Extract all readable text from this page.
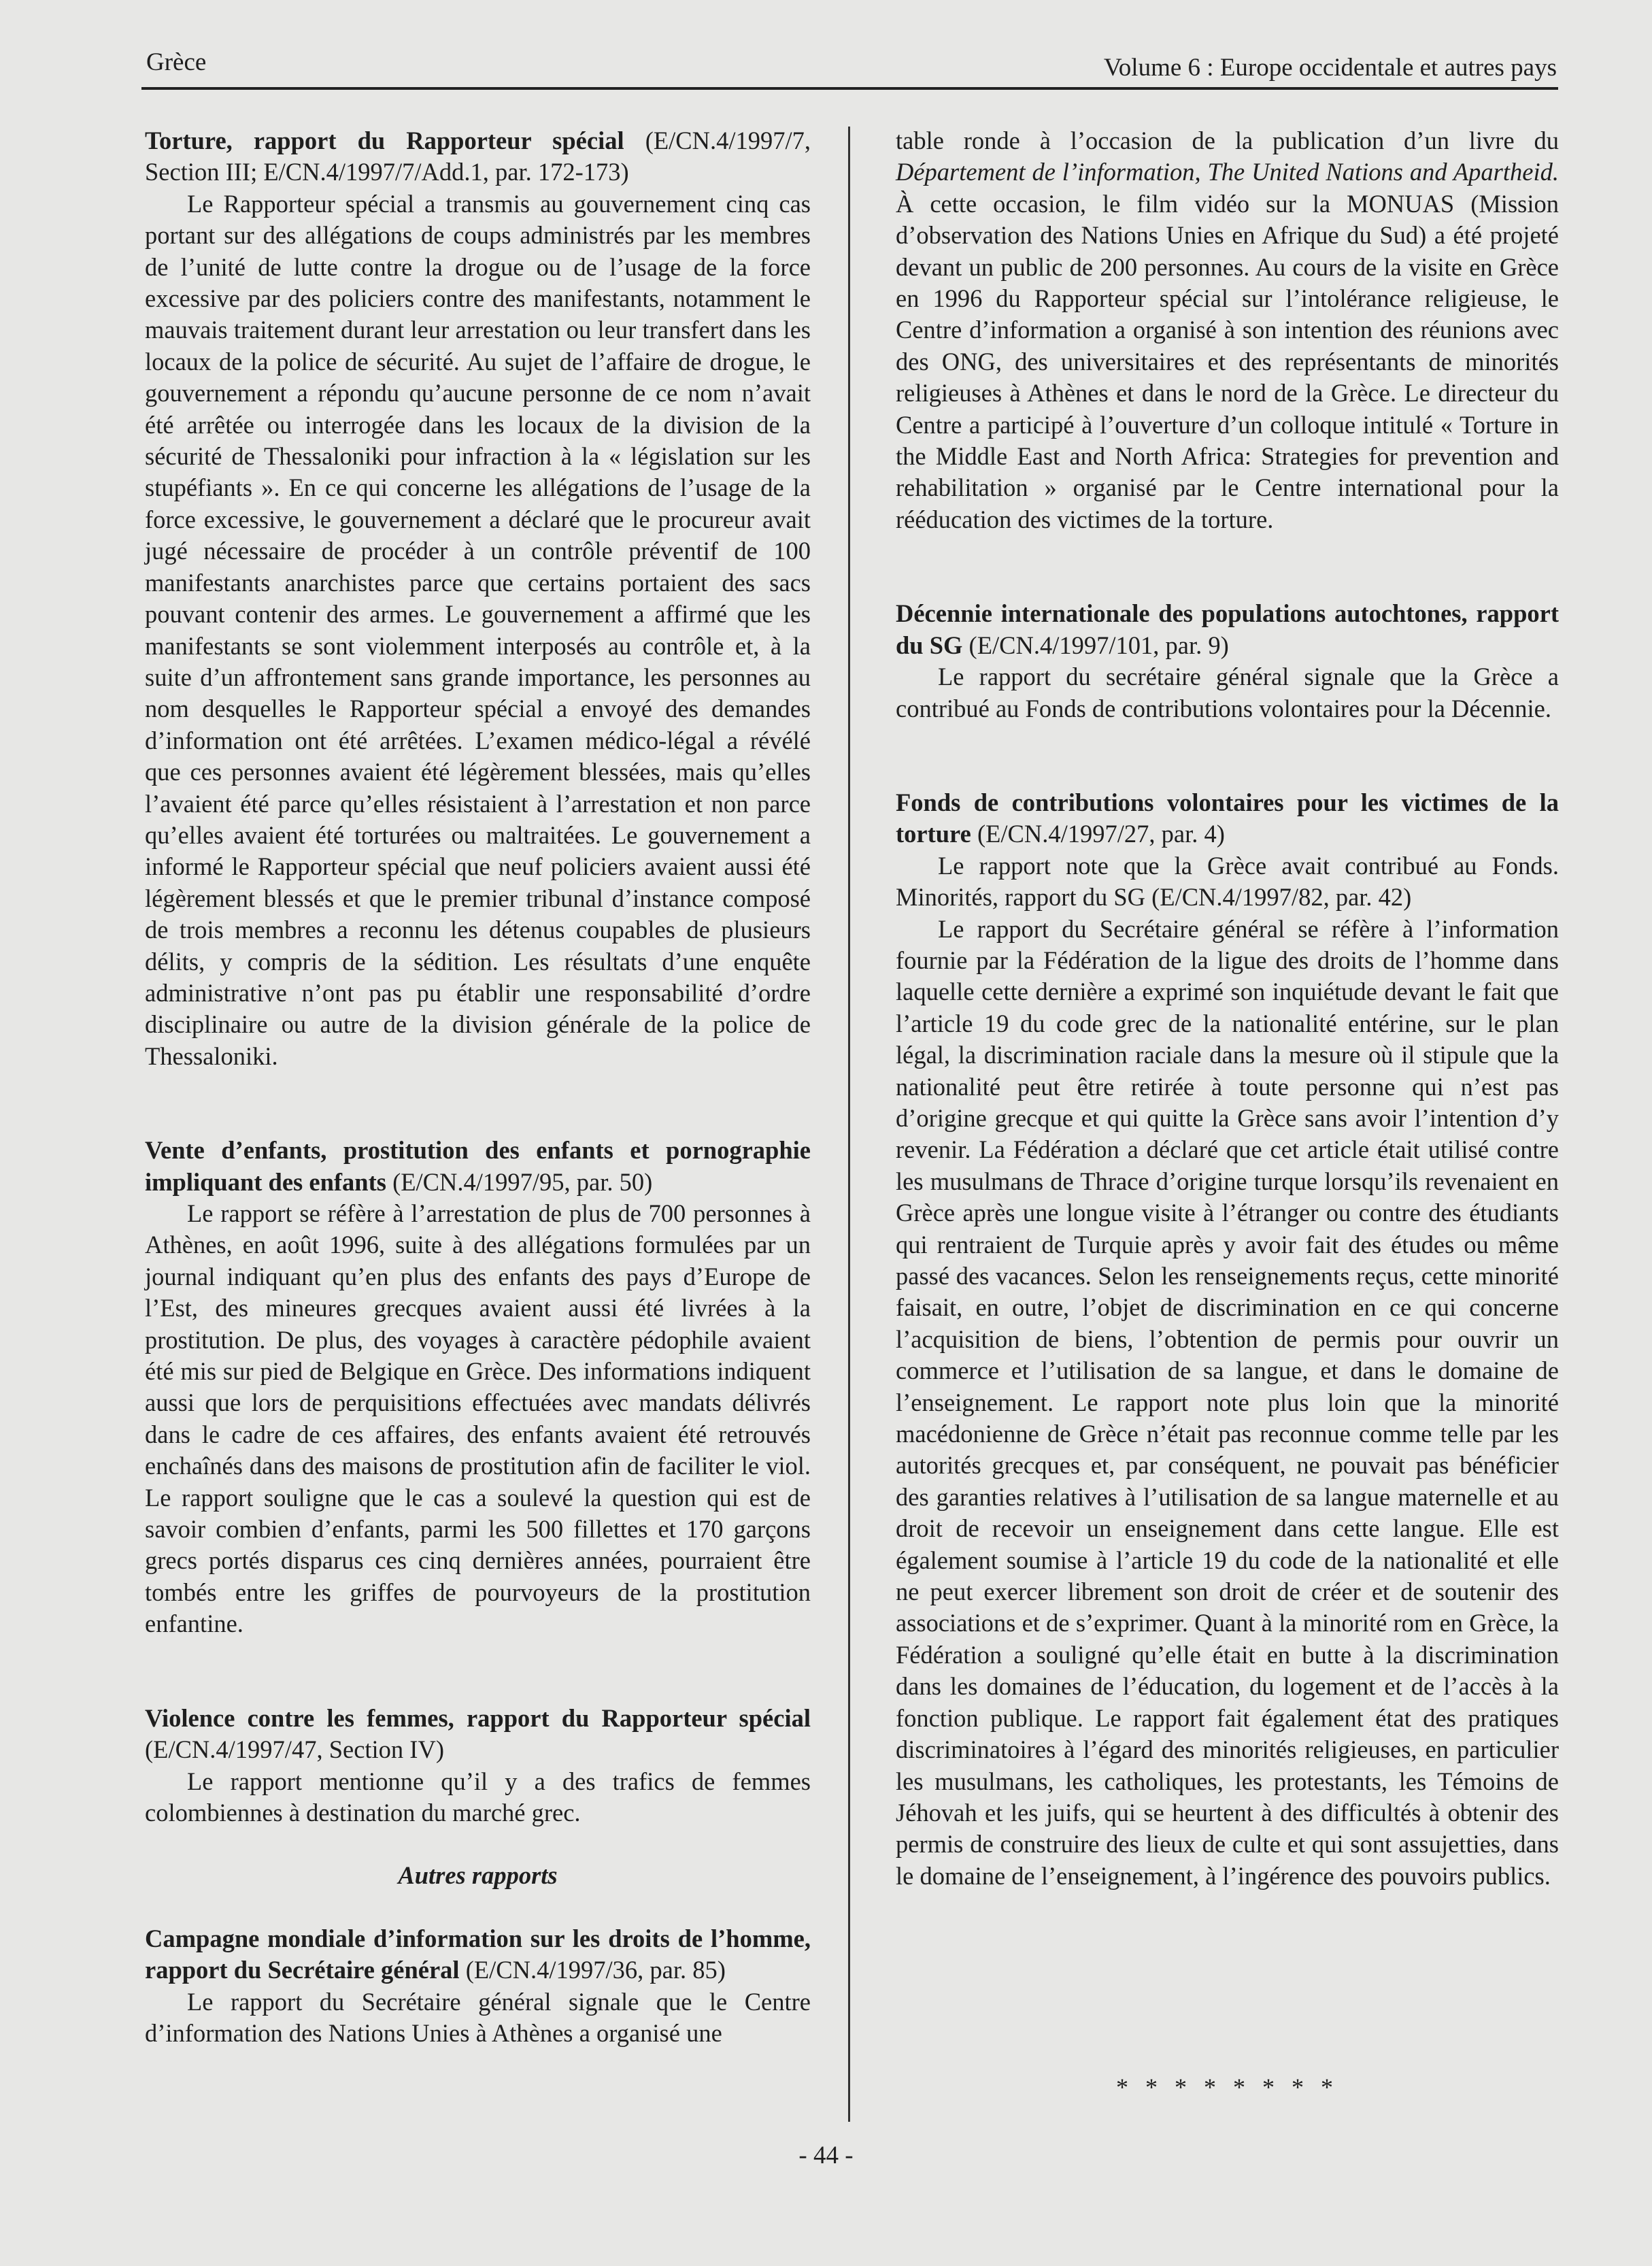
Grèce	Volume 6 : Europe occidentale et autres pays

Torture, rapport du Rapporteur spécial (E/CN.4/1997/7, Section III; E/CN.4/1997/7/Add.1, par. 172-173)

Le Rapporteur spécial a transmis au gouvernement cinq cas portant sur des allégations de coups administrés par les membres de l’unité de lutte contre la drogue ou de l’usage de la force excessive par des policiers contre des manifestants, notamment le mauvais traitement durant leur arrestation ou leur transfert dans les locaux de la police de sécurité. Au sujet de l’affaire de drogue, le gouvernement a répondu qu’aucune personne de ce nom n’avait été arrêtée ou interrogée dans les locaux de la division de la sécurité de Thessaloniki pour infraction à la « législation sur les stupéfiants ». En ce qui concerne les allégations de l’usage de la force excessive, le gouvernement a déclaré que le procureur avait jugé nécessaire de procéder à un contrôle préventif de 100 manifestants anarchistes parce que certains portaient des sacs pouvant contenir des armes. Le gouvernement a affirmé que les manifestants se sont violemment interposés au contrôle et, à la suite d’un affrontement sans grande importance, les personnes au nom desquelles le Rapporteur spécial a envoyé des demandes d’information ont été arrêtées. L’examen médico-légal a révélé que ces personnes avaient été légèrement blessées, mais qu’elles l’avaient été parce qu’elles résistaient à l’arrestation et non parce qu’elles avaient été torturées ou maltraitées. Le gouvernement a informé le Rapporteur spécial que neuf policiers avaient aussi été légèrement blessés et que le premier tribunal d’instance composé de trois membres a reconnu les détenus coupables de plusieurs délits, y compris de la sédition. Les résultats d’une enquête administrative n’ont pas pu établir une responsabilité d’ordre disciplinaire ou autre de la division générale de la police de Thessaloniki.

Vente d’enfants, prostitution des enfants et pornographie impliquant des enfants (E/CN.4/1997/95, par. 50)

Le rapport se réfère à l’arrestation de plus de 700 personnes à Athènes, en août 1996, suite à des allégations formulées par un journal indiquant qu’en plus des enfants des pays d’Europe de l’Est, des mineures grecques avaient aussi été livrées à la prostitution. De plus, des voyages à caractère pédophile avaient été mis sur pied de Belgique en Grèce. Des informations indiquent aussi que lors de perquisitions effectuées avec mandats délivrés dans le cadre de ces affaires, des enfants avaient été retrouvés enchaînés dans des maisons de prostitution afin de faciliter le viol. Le rapport souligne que le cas a soulevé la question qui est de savoir combien d’enfants, parmi les 500 fillettes et 170 garçons grecs portés disparus ces cinq dernières années, pourraient être tombés entre les griffes de pourvoyeurs de la prostitution enfantine.

Violence contre les femmes, rapport du Rapporteur spécial (E/CN.4/1997/47, Section IV)

Le rapport mentionne qu’il y a des trafics de femmes colombiennes à destination du marché grec.

Autres rapports

Campagne mondiale d’information sur les droits de l’homme, rapport du Secrétaire général (E/CN.4/1997/36, par. 85)

Le rapport du Secrétaire général signale que le Centre d’information des Nations Unies à Athènes a organisé une

table ronde à l’occasion de la publication d’un livre du Département de l’information, The United Nations and Apartheid. À cette occasion, le film vidéo sur la MONUAS (Mission d’observation des Nations Unies en Afrique du Sud) a été projeté devant un public de 200 personnes. Au cours de la visite en Grèce en 1996 du Rapporteur spécial sur l’intolérance religieuse, le Centre d’information a organisé à son intention des réunions avec des ONG, des universitaires et des représentants de minorités religieuses à Athènes et dans le nord de la Grèce. Le directeur du Centre a participé à l’ouverture d’un colloque intitulé « Torture in the Middle East and North Africa: Strategies for prevention and rehabilitation » organisé par le Centre international pour la rééducation des victimes de la torture.

Décennie internationale des populations autochtones, rapport du SG (E/CN.4/1997/101, par. 9)

Le rapport du secrétaire général signale que la Grèce a contribué au Fonds de contributions volontaires pour la Décennie.

Fonds de contributions volontaires pour les victimes de la torture (E/CN.4/1997/27, par. 4)

Le rapport note que la Grèce avait contribué au Fonds. Minorités, rapport du SG (E/CN.4/1997/82, par. 42)

Le rapport du Secrétaire général se réfère à l’information fournie par la Fédération de la ligue des droits de l’homme dans laquelle cette dernière a exprimé son inquiétude devant le fait que l’article 19 du code grec de la nationalité entérine, sur le plan légal, la discrimination raciale dans la mesure où il stipule que la nationalité peut être retirée à toute personne qui n’est pas d’origine grecque et qui quitte la Grèce sans avoir l’intention d’y revenir. La Fédération a déclaré que cet article était utilisé contre les musulmans de Thrace d’origine turque lorsqu’ils revenaient en Grèce après une longue visite à l’étranger ou contre des étudiants qui rentraient de Turquie après y avoir fait des études ou même passé des vacances. Selon les renseignements reçus, cette minorité faisait, en outre, l’objet de discrimination en ce qui concerne l’acquisition de biens, l’obtention de permis pour ouvrir un commerce et l’utilisation de sa langue, et dans le domaine de l’enseignement. Le rapport note plus loin que la minorité macédonienne de Grèce n’était pas reconnue comme telle par les autorités grecques et, par conséquent, ne pouvait pas bénéficier des garanties relatives à l’utilisation de sa langue maternelle et au droit de recevoir un enseignement dans cette langue. Elle est également soumise à l’article 19 du code de la nationalité et elle ne peut exercer librement son droit de créer et de soutenir des associations et de s’exprimer. Quant à la minorité rom en Grèce, la Fédération a souligné qu’elle était en butte à la discrimination dans les domaines de l’éducation, du logement et de l’accès à la fonction publique. Le rapport fait également état des pratiques discriminatoires à l’égard des minorités religieuses, en particulier les musulmans, les catholiques, les protestants, les Témoins de Jéhovah et les juifs, qui se heurtent à des difficultés à obtenir des permis de construire des lieux de culte et qui sont assujetties, dans le domaine de l’enseignement, à l’ingérence des pouvoirs publics.

* * * * * * * *
- 44 -
